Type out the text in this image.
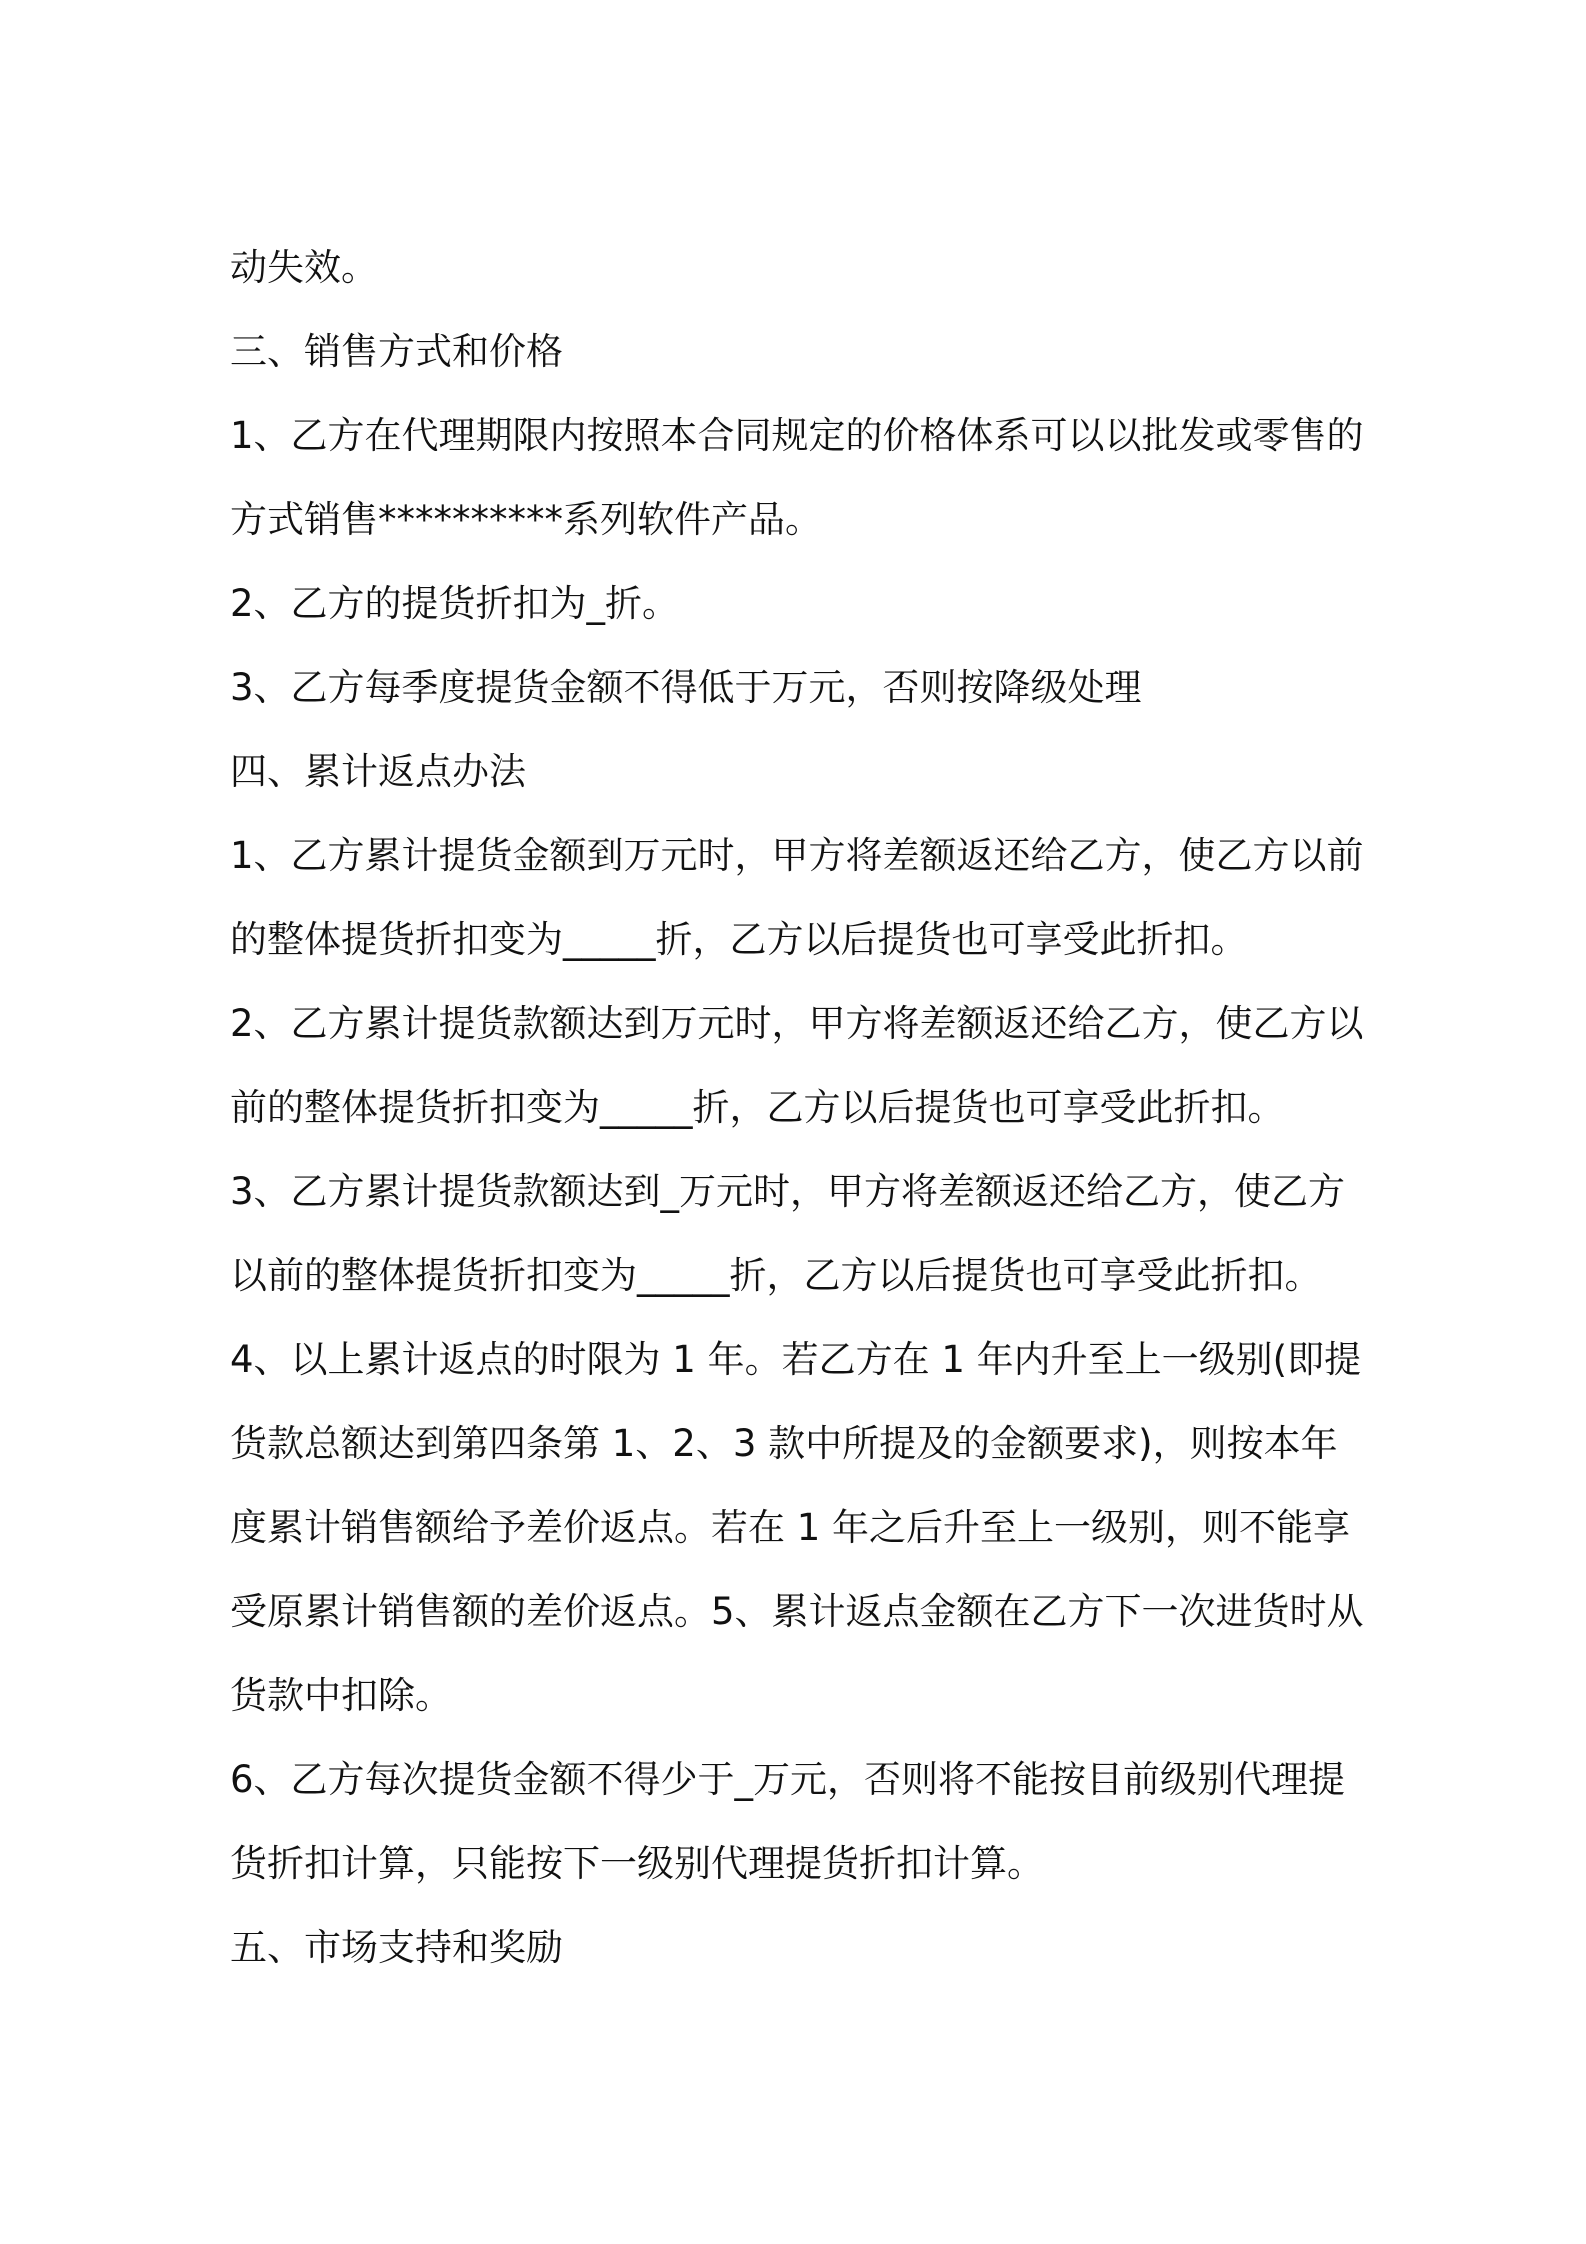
动失效。

三、销售方式和价格

1、乙方在代理期限内按照本合同规定的价格体系可以以批发或零售的方式销售**********系列软件产品。

2、乙方的提货折扣为_折。

3、乙方每季度提货金额不得低于万元，否则按降级处理

四、累计返点办法

1、乙方累计提货金额到万元时，甲方将差额返还给乙方，使乙方以前的整体提货折扣变为_____折，乙方以后提货也可享受此折扣。

2、乙方累计提货款额达到万元时，甲方将差额返还给乙方，使乙方以前的整体提货折扣变为_____折，乙方以后提货也可享受此折扣。

3、乙方累计提货款额达到_万元时，甲方将差额返还给乙方，使乙方以前的整体提货折扣变为_____折，乙方以后提货也可享受此折扣。

4、以上累计返点的时限为 1 年。若乙方在 1 年内升至上一级别(即提货款总额达到第四条第 1、2、3 款中所提及的金额要求)，则按本年度累计销售额给予差价返点。若在 1 年之后升至上一级别，则不能享受原累计销售额的差价返点。5、累计返点金额在乙方下一次进货时从货款中扣除。

6、乙方每次提货金额不得少于_万元，否则将不能按目前级别代理提货折扣计算，只能按下一级别代理提货折扣计算。

五、市场支持和奖励
